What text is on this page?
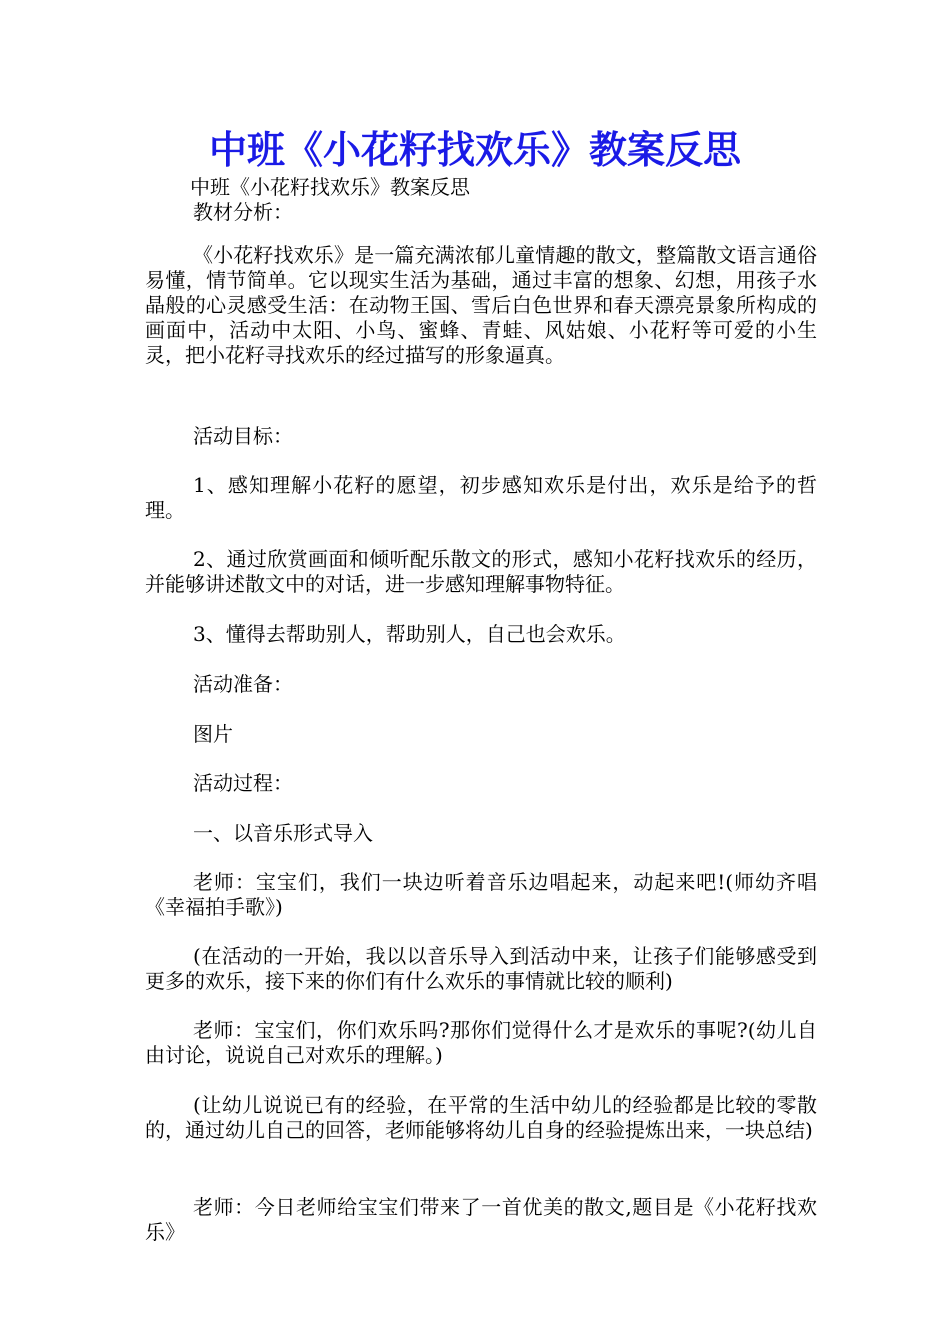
中班《小花籽找欢乐》教案反思
中班《小花籽找欢乐》教案反思
教材分析：

《小花籽找欢乐》是一篇充满浓郁儿童情趣的散文，整篇散文语言通俗易懂，情节简单。它以现实生活为基础，通过丰富的想象、幻想，用孩子水晶般的心灵感受生活：在动物王国、雪后白色世界和春天漂亮景象所构成的画面中，活动中太阳、小鸟、蜜蜂、青蛙、风姑娘、小花籽等可爱的小生灵，把小花籽寻找欢乐的经过描写的形象逼真。

活动目标：

1、感知理解小花籽的愿望，初步感知欢乐是付出，欢乐是给予的哲理。

2、通过欣赏画面和倾听配乐散文的形式，感知小花籽找欢乐的经历，并能够讲述散文中的对话，进一步感知理解事物特征。

3、懂得去帮助别人，帮助别人，自己也会欢乐。

活动准备：

图片

活动过程：

一、以音乐形式导入

老师：宝宝们，我们一块边听着音乐边唱起来，动起来吧!(师幼齐唱《幸福拍手歌》)

(在活动的一开始，我以以音乐导入到活动中来，让孩子们能够感受到更多的欢乐，接下来的你们有什么欢乐的事情就比较的顺利)

老师：宝宝们，你们欢乐吗?那你们觉得什么才是欢乐的事呢?(幼儿自由讨论，说说自己对欢乐的理解。)

(让幼儿说说已有的经验，在平常的生活中幼儿的经验都是比较的零散的，通过幼儿自己的回答，老师能够将幼儿自身的经验提炼出来，一块总结)

老师：今日老师给宝宝们带来了一首优美的散文,题目是《小花籽找欢乐》
